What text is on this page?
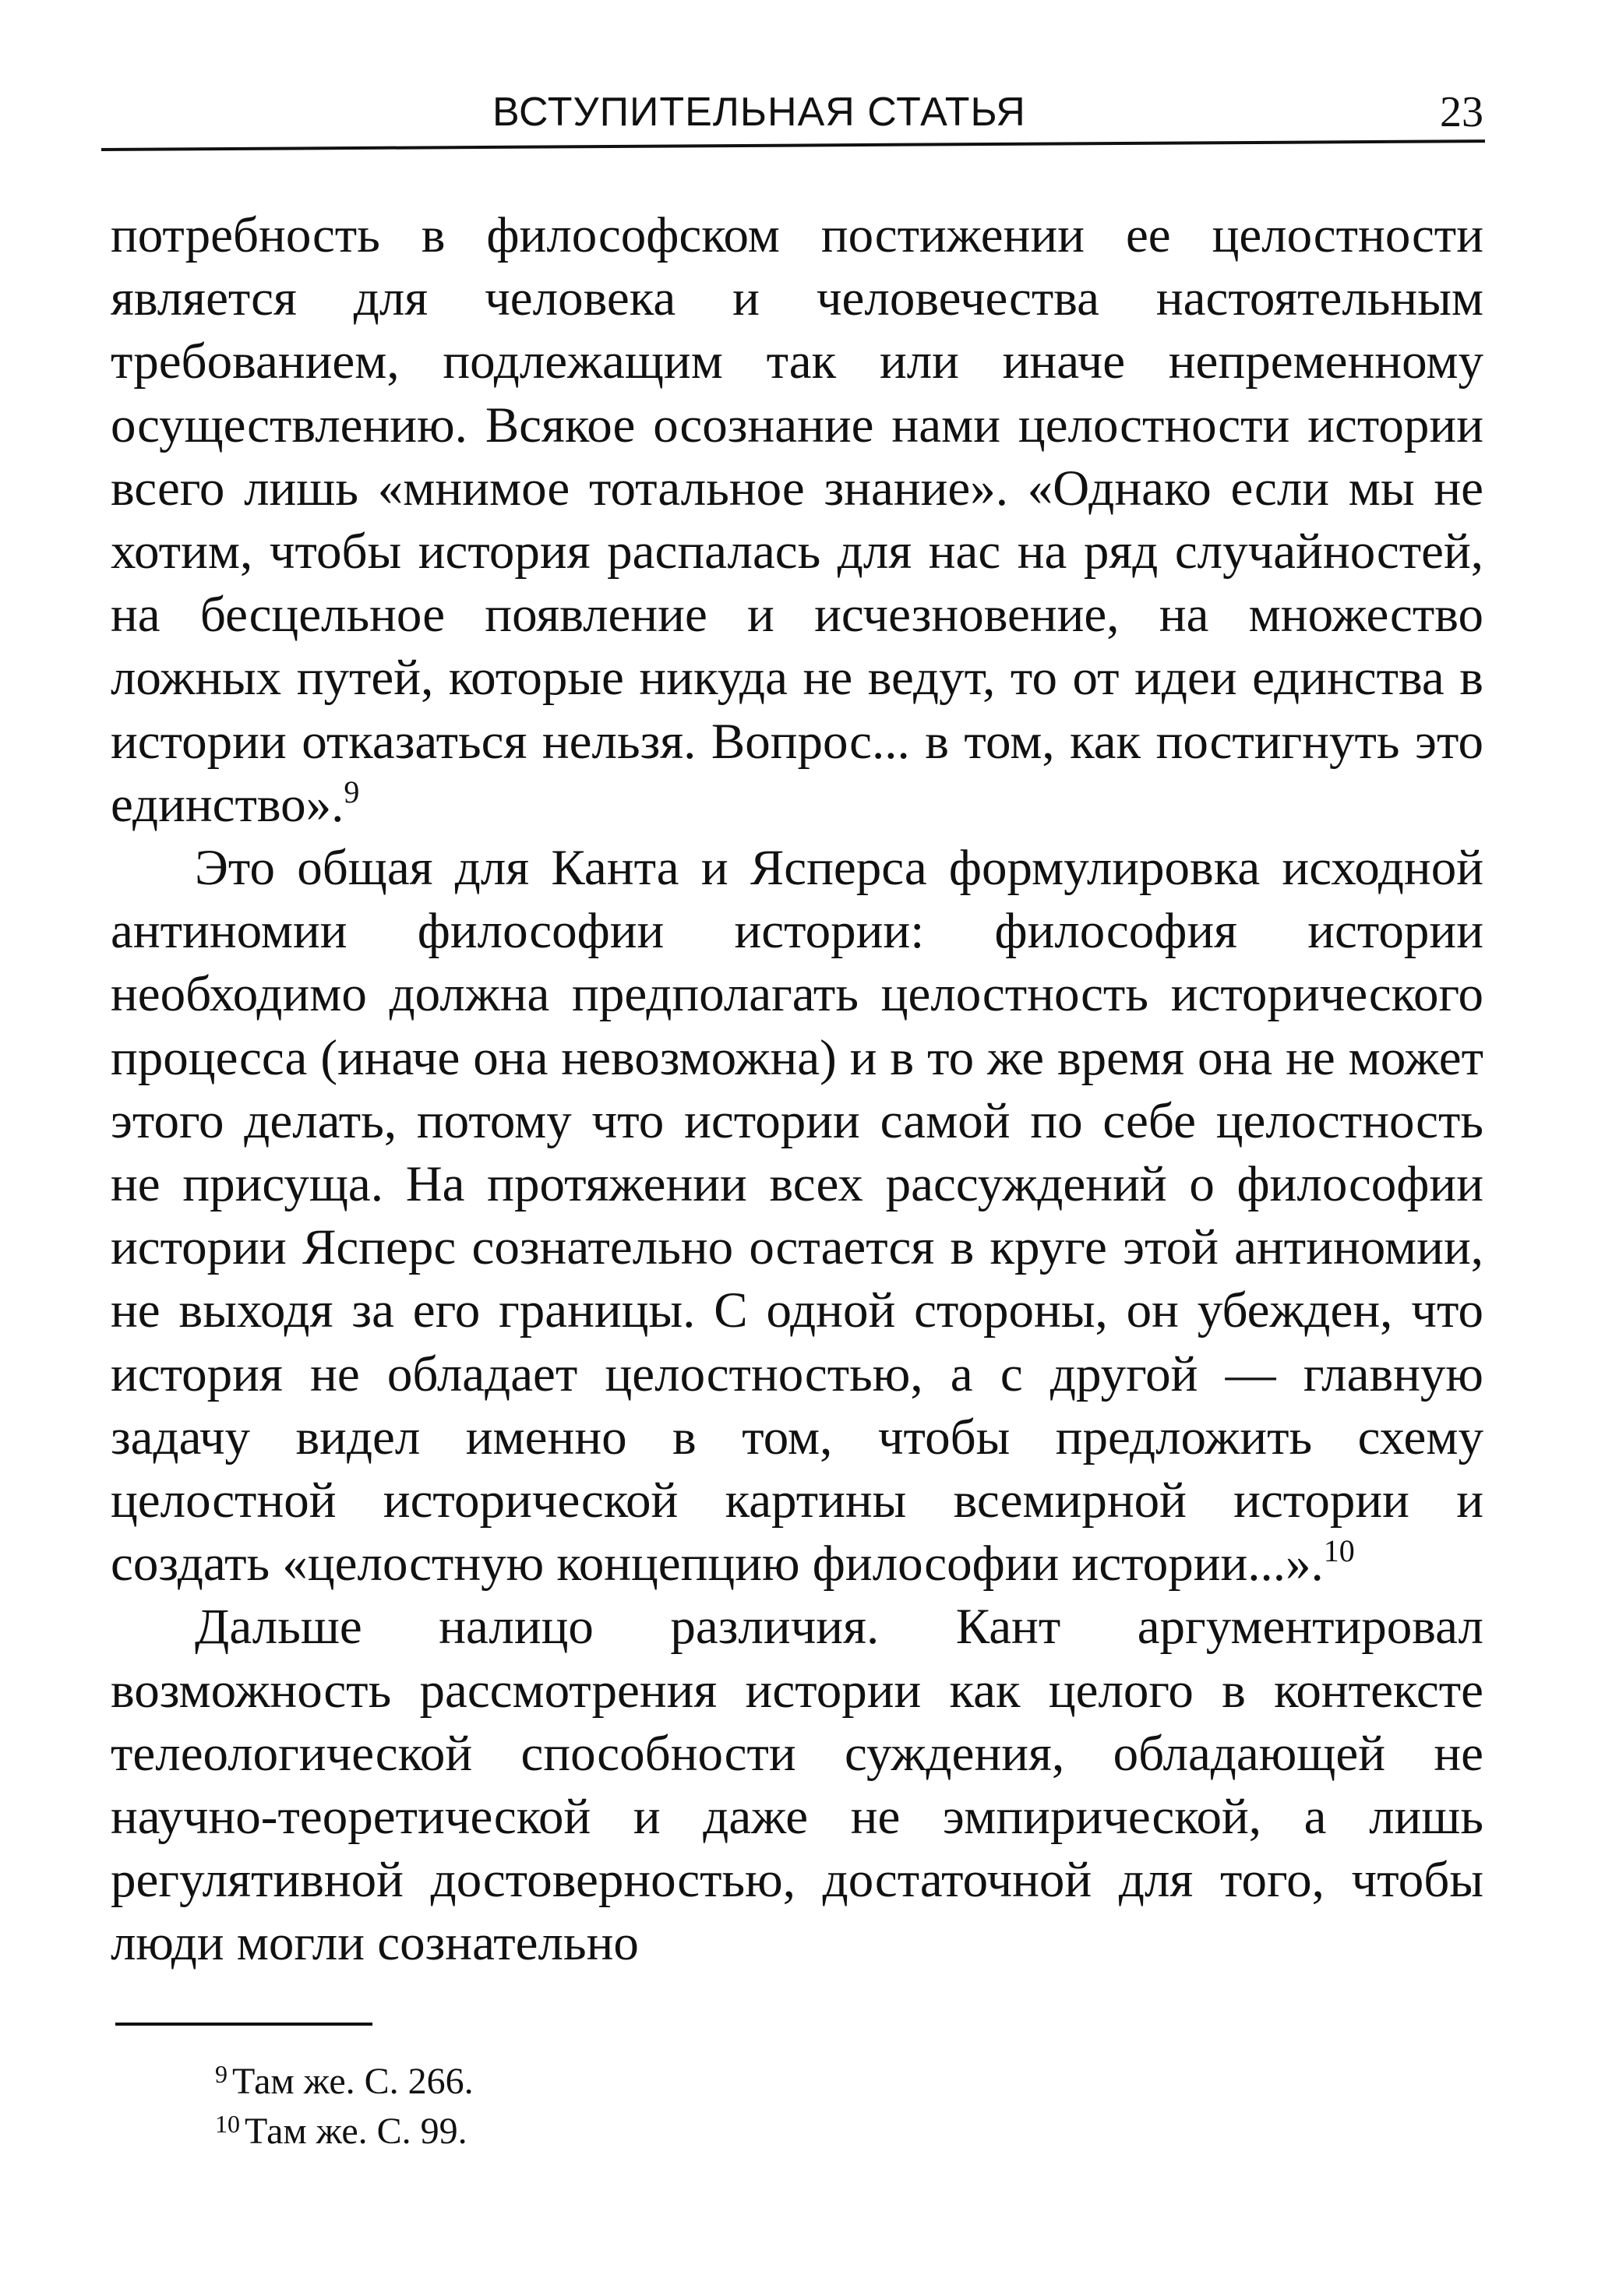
ВСТУПИТЕЛЬНАЯ СТАТЬЯ	23

потребность в философском постижении ее целостности является для человека и человечества настоятельным требованием, подлежащим так или иначе непременному осуществлению. Всякое осознание нами целостности истории всего лишь «мнимое тотальное знание». «Однако если мы не хотим, чтобы история распалась для нас на ряд случайностей, на бесцельное появление и исчезновение, на множество ложных путей, которые никуда не ведут, то от идеи единства в истории отказаться нельзя. Вопрос... в том, как постигнуть это единство».$^9$

Это общая для Канта и Ясперса формулировка исходной антиномии философии истории: философия истории необходимо должна предполагать целостность исторического процесса (иначе она невозможна) и в то же время она не может этого делать, потому что истории самой по себе целостность не присуща. На протяжении всех рассуждений о философии истории Ясперс сознательно остается в круге этой антиномии, не выходя за его границы. С одной стороны, он убежден, что история не обладает целостностью, а с другой — главную задачу видел именно в том, чтобы предложить схему целостной исторической картины всемирной истории и создать «целостную концепцию философии истории...».$^{10}$

Дальше налицо различия. Кант аргументировал возможность рассмотрения истории как целого в контексте телеологической способности суждения, обладающей не научно-теоретической и даже не эмпирической, а лишь регулятивной достоверностью, достаточной для того, чтобы люди могли сознательно

$^9$ Там же. С. 266.
$^{10}$ Там же. С. 99.
